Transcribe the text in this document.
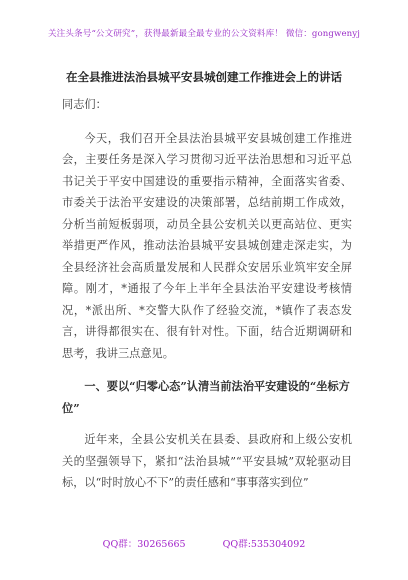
关注头条号“公文研究”，获得最新最全最专业的公文资料库！ 微信：gongwenyj
在全县推进法治县城平安县城创建工作推进会上的讲话

同志们：

今天，我们召开全县法治县城平安县城创建工作推进会，主要任务是深入学习贯彻习近平法治思想和习近平总书记关于平安中国建设的重要指示精神，全面落实省委、市委关于法治平安建设的决策部署，总结前期工作成效，分析当前短板弱项，动员全县公安机关以更高站位、更实举措更严作风，推动法治县城平安县城创建走深走实，为全县经济社会高质量发展和人民群众安居乐业筑牢安全屏障。刚才，*通报了今年上半年全县法治平安建设考核情况，*派出所、*交警大队作了经验交流，*镇作了表态发言，讲得都很实在、很有针对性。下面，结合近期调研和思考，我讲三点意见。

一、要以“归零心态”认清当前法治平安建设的“坐标方位”

近年来，全县公安机关在县委、县政府和上级公安机关的坚强领导下，紧扣“法治县城”“平安县城”双轮驱动目标，以“时时放心不下”的责任感和“事事落实到位”

QQ群：30265665	QQ群:535304092
